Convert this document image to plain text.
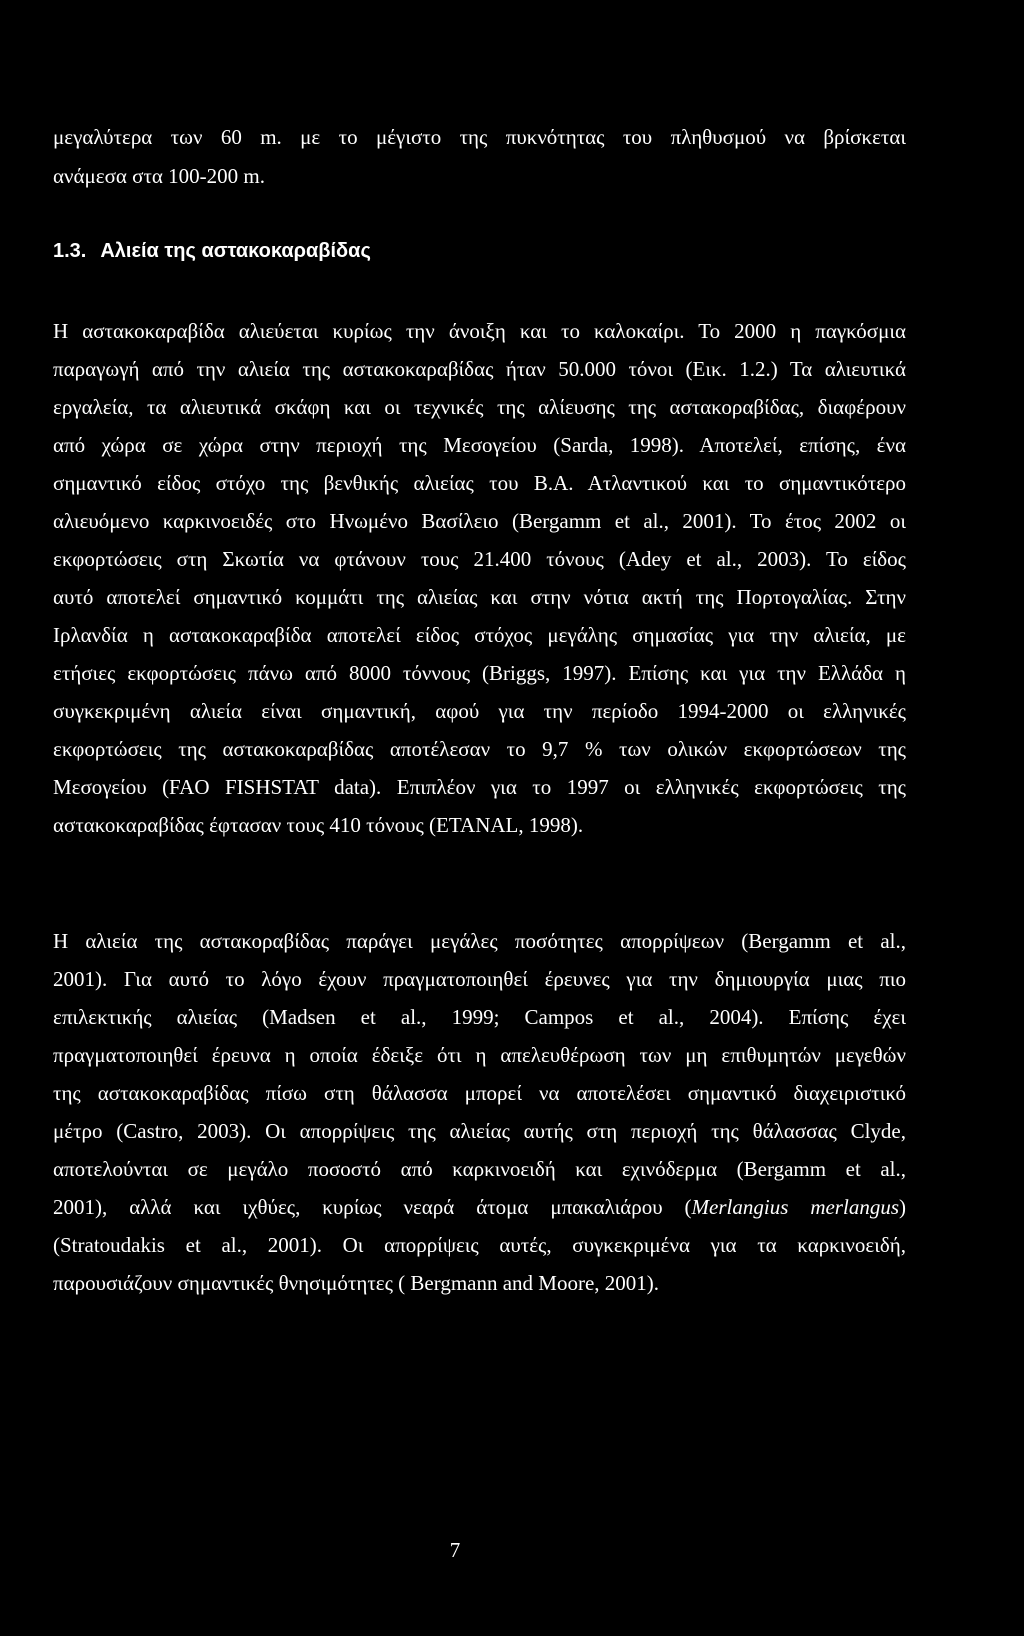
μεγαλύτερα των 60 m. με το μέγιστο της πυκνότητας του πληθυσμού να βρίσκεται
ανάμεσα στα 100-200 m.
1.3. Αλιεία της αστακοκαραβίδας
Η αστακοκαραβίδα αλιεύεται κυρίως την άνοιξη και το καλοκαίρι. Το 2000 η παγκόσμια
παραγωγή από την αλιεία της αστακοκαραβίδας ήταν 50.000 τόνοι (Εικ. 1.2.) Τα αλιευτικά
εργαλεία, τα αλιευτικά σκάφη και οι τεχνικές της αλίευσης της αστακοραβίδας, διαφέρουν
από χώρα σε χώρα στην περιοχή της Μεσογείου (Sarda, 1998). Αποτελεί, επίσης, ένα
σημαντικό είδος στόχο της βενθικής αλιείας του Β.Α. Ατλαντικού και το σημαντικότερο
αλιευόμενο καρκινοειδές στο Ηνωμένο Βασίλειο (Bergamm et al., 2001). Το έτος 2002 οι
εκφορτώσεις στη Σκωτία να φτάνουν τους 21.400 τόνους (Adey et al., 2003). Το είδος
αυτό αποτελεί σημαντικό κομμάτι της αλιείας και στην νότια ακτή της Πορτογαλίας. Στην
Ιρλανδία η αστακοκαραβίδα αποτελεί είδος στόχος μεγάλης σημασίας για την αλιεία, με
ετήσιες εκφορτώσεις πάνω από 8000 τόννους (Briggs, 1997). Επίσης και για την Ελλάδα η
συγκεκριμένη αλιεία είναι σημαντική, αφού για την περίοδο 1994-2000 οι ελληνικές
εκφορτώσεις της αστακοκαραβίδας αποτέλεσαν το 9,7 % των ολικών εκφορτώσεων της
Μεσογείου (FAO FISHSTAT data). Επιπλέον για το 1997 οι ελληνικές εκφορτώσεις της
αστακοκαραβίδας έφτασαν τους 410 τόνους (ETANAL, 1998).
Η αλιεία της αστακοραβίδας παράγει μεγάλες ποσότητες απορρίψεων (Bergamm et al.,
2001). Για αυτό το λόγο έχουν πραγματοποιηθεί έρευνες για την δημιουργία μιας πιο
επιλεκτικής αλιείας (Madsen et al., 1999; Campos et al., 2004). Επίσης έχει
πραγματοποιηθεί έρευνα η οποία έδειξε ότι η απελευθέρωση των μη επιθυμητών μεγεθών
της αστακοκαραβίδας πίσω στη θάλασσα μπορεί να αποτελέσει σημαντικό διαχειριστικό
μέτρο (Castro, 2003). Οι απορρίψεις της αλιείας αυτής στη περιοχή της θάλασσας Clyde,
αποτελούνται σε μεγάλο ποσοστό από καρκινοειδή και εχινόδερμα (Bergamm et al.,
2001), αλλά και ιχθύες, κυρίως νεαρά άτομα μπακαλιάρου (Merlangius merlangus)
(Stratoudakis et al., 2001). Οι απορρίψεις αυτές, συγκεκριμένα για τα καρκινοειδή,
παρουσιάζουν σημαντικές θνησιμότητες ( Bergmann and Moore, 2001).
7
